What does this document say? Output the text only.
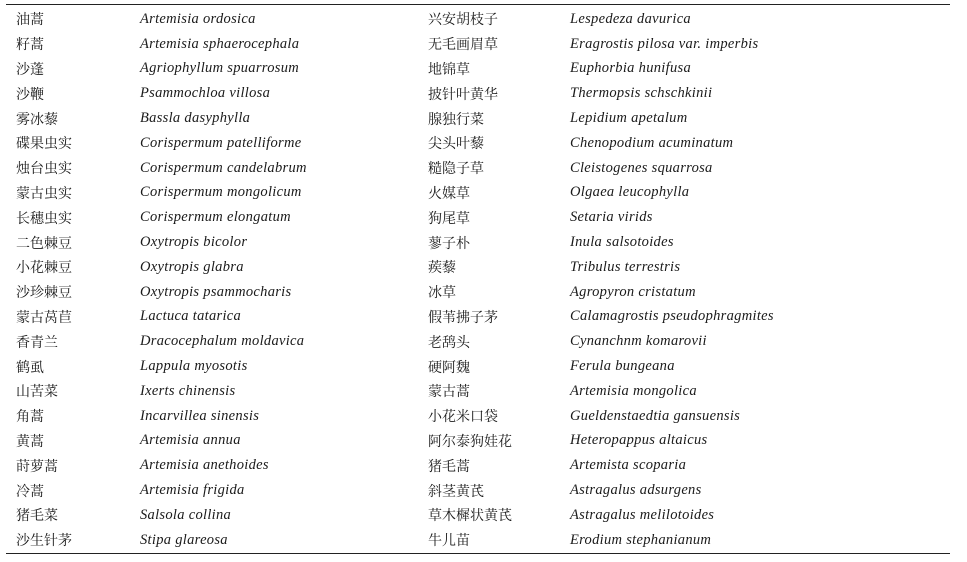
油蒿	Artemisia ordosica	兴安胡枝子	Lespedeza davurica
籽蒿	Artemisia sphaerocephala	无毛画眉草	Eragrostis pilosa var. imperbis
沙蓬	Agriophyllum spuarrosum	地锦草	Euphorbia hunifusa
沙鞭	Psammochloa villosa	披针叶黄华	Thermopsis schschkinii
雾冰藜	Bassla dasyphylla	腺独行菜	Lepidium apetalum
碟果虫实	Corispermum patelliforme	尖头叶藜	Chenopodium acuminatum
烛台虫实	Corispermum candelabrum	糙隐子草	Cleistogenes squarrosa
蒙古虫实	Corispermum mongolicum	火媒草	Olgaea leucophylla
长穗虫实	Corispermum elongatum	狗尾草	Setaria virids
二色棘豆	Oxytropis bicolor	蓼子朴	Inula salsotoides
小花棘豆	Oxytropis glabra	蒺藜	Tribulus terrestris
沙珍棘豆	Oxytropis psammocharis	冰草	Agropyron cristatum
蒙古莴苣	Lactuca tatarica	假苇拂子茅	Calamagrostis pseudophragmites
香青兰	Dracocephalum moldavica	老鸹头	Cynanchnm komarovii
鹤虱	Lappula myosotis	硬阿魏	Ferula bungeana
山苦菜	Ixerts chinensis	蒙古蒿	Artemisia mongolica
角蒿	Incarvillea sinensis	小花米口袋	Gueldenstaedtia gansuensis
黄蒿	Artemisia annua	阿尔泰狗娃花	Heteropappus altaicus
莳萝蒿	Artemisia anethoides	猪毛蒿	Artemista scoparia
冷蒿	Artemisia frigida	斜茎黄芪	Astragalus adsurgens
猪毛菜	Salsola collina	草木樨状黄芪	Astragalus melilotoides
沙生针茅	Stipa glareosa	牛儿苗	Erodium stephanianum
